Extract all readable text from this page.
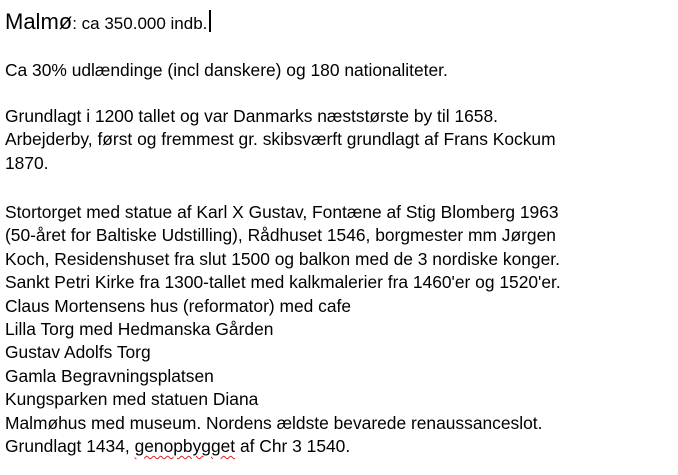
Malmø: ca 350.000 indb.
Ca 30% udlændinge (incl danskere) og 180 nationaliteter.
Grundlagt i 1200 tallet og var Danmarks næststørste by til 1658.
Arbejderby, først og fremmest gr. skibsværft grundlagt af Frans Kockum
1870.
Stortorget med statue af Karl X Gustav, Fontæne af Stig Blomberg 1963
(50-året for Baltiske Udstilling), Rådhuset 1546, borgmester mm Jørgen
Koch, Residenshuset fra slut 1500 og balkon med de 3 nordiske konger.
Sankt Petri Kirke fra 1300-tallet med kalkmalerier fra 1460'er og 1520'er.
Claus Mortensens hus (reformator) med cafe
Lilla Torg med Hedmanska Gården
Gustav Adolfs Torg
Gamla Begravningsplatsen
Kungsparken med statuen Diana
Malmøhus med museum. Nordens ældste bevarede renaussanceslot.
Grundlagt 1434, genopbygget af Chr 3 1540.
